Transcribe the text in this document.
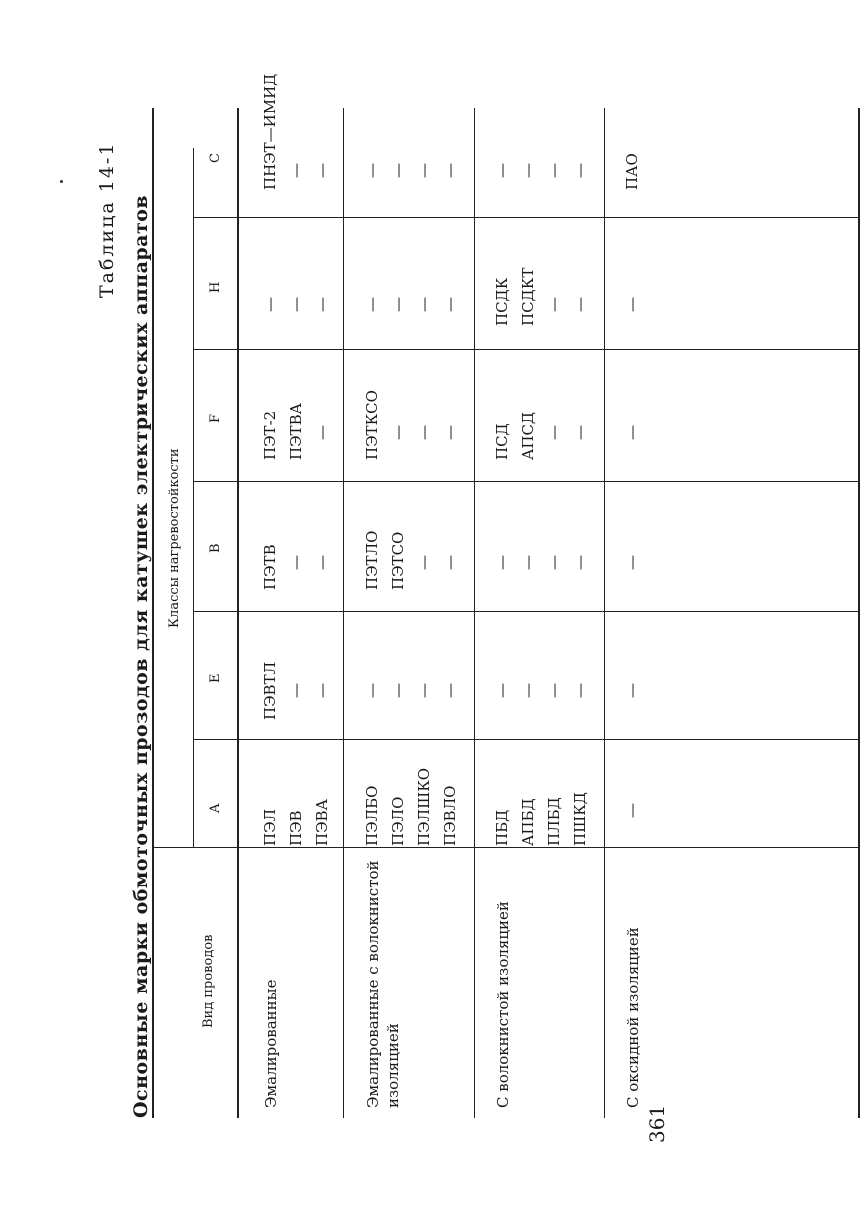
Таблица 14-1 Основные марки обмоточных прозодов для катушек электрических аппаратов	Вид проводов
Классы нагревостойкости
A
E
B
F
H
C
Эмалированные
ПЭЛ ПЭВ ПЭВА
ПЭВТЛ — —
ПЭТВ — —
ПЭТ-2 ПЭТВА —
— — —
ПНЭТ—ИМИД — —
Эмалированные с волокнистой изоляцией
ПЭЛБО ПЭЛО ПЭЛШКО ПЭВЛО
— — — —
ПЭТЛО ПЭТСО — —
ПЭТКСО — — —
— — — —
— — — —
С волокнистой изоляцией
ПБД АПБД ПЛБД ПШКД
— — — —
— — — —
ПСД АПСД — —
ПСДК ПСДКТ — —
— — — —
С оксидной изоляцией
—
—
—
—
—
ПАО
361
